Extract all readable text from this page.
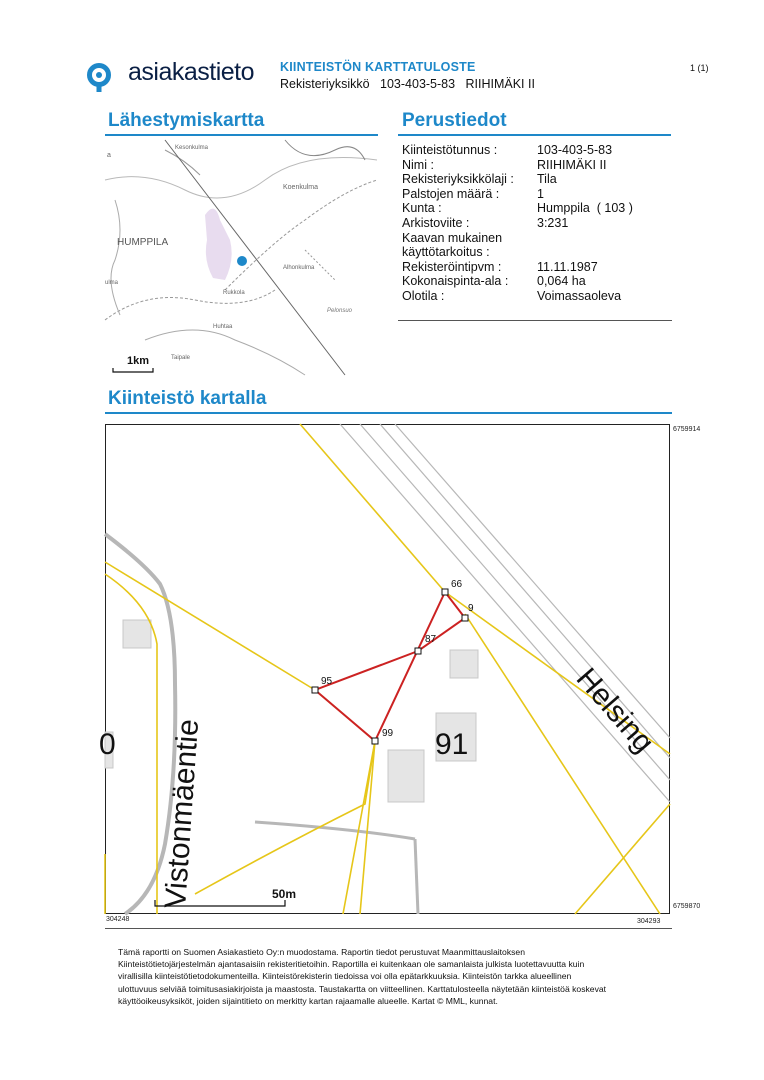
1 (1)
asiakastieto KIINTEISTÖN KARTTATULOSTE
Rekisteriyksikkö   103-403-5-83   RIIHIMÄKI II
Lähestymiskartta
Kesonkulma
Koenkulma
HUMPPILA
Alhonkulma
Rukkola
Huhtaa
Pelonsuo
Taipale
a
ulma
1km
Perustiedot
Kiinteistötunnus :	103-403-5-83
Nimi :	RIIHIMÄKI II
Rekisteriyksikkölaji :	Tila
Palstojen määrä :	1
Kunta :	Humppila  ( 103 )
Arkistoviite :	3:231
Kaavan mukainen
käyttötarkoitus :
Rekisteröintipvm :	11.11.1987
Kokonaispinta-ala :	0,064 ha
Olotila :	Voimassaoleva
Kiinteistö kartalla
66
9
87
95
99	Helsing
Vistonmäentie	91
0
50m
6759914
6759870
304248	304293
Tämä raportti on Suomen Asiakastieto Oy:n muodostama. Raportin tiedot perustuvat Maanmittauslaitoksen
Kiinteistötietojärjestelmän ajantasaisiin rekisteritietoihin. Raportilla ei kuitenkaan ole samanlaista julkista luotettavuutta kuin
virallisilla kiinteistötietodokumenteilla. Kiinteistörekisterin tiedoissa voi olla epätarkkuuksia. Kiinteistön tarkka alueellinen
ulottuvuus selviää toimitusasiakirjoista ja maastosta. Taustakartta on viitteellinen. Karttatulosteella näytetään kiinteistöä koskevat
käyttöoikeusyksiköt, joiden sijaintitieto on merkitty kartan rajaamalle alueelle. Kartat © MML, kunnat.
